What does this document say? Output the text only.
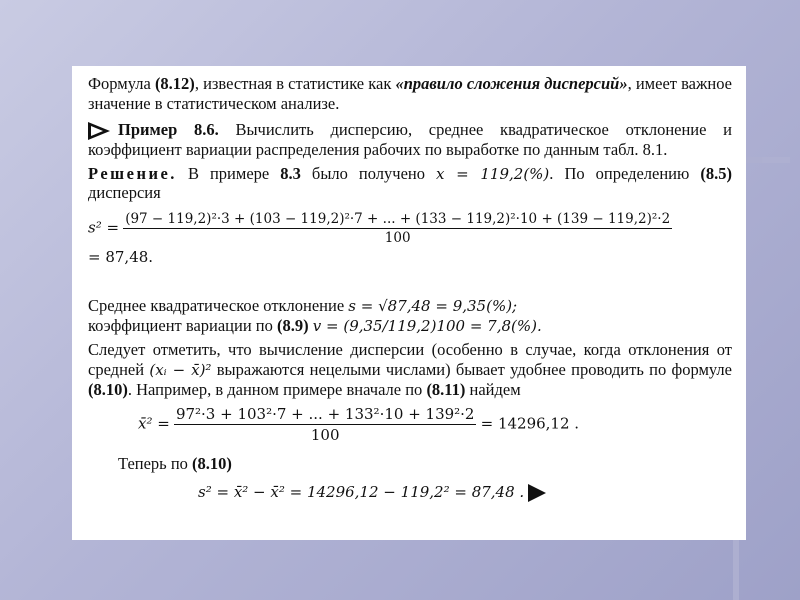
Формула (8.12), известная в статистике как «правило сложения дисперсий», имеет важное значение в статистическом анализе.

Пример 8.6. Вычислить дисперсию, среднее квадратическое отклонение и коэффициент вариации распределения рабочих по выработке по данным табл. 8.1.

Решение. В примере 8.3 было получено x = 119,2(%). По определению (8.5) дисперсия

s² = (97 − 119,2)²·3 + (103 − 119,2)²·7 + ... + (133 − 119,2)²·10 + (139 − 119,2)²·2
100
= 87,48.

Среднее квадратическое отклонение s = √87,48 = 9,35(%);

коэффициент вариации по (8.9) v = (9,35/119,2)100 = 7,8(%).

Следует отметить, что вычисление дисперсии (особенно в случае, когда отклонения от средней (xᵢ − x̄)² выражаются нецелыми числами) бывает удобнее проводить по формуле (8.10). Например, в данном примере вначале по (8.11) найдем

x̄² = $\frac{\text{97²·3 + 103²·7 + ... + 133²·10 + 139²·2}}{100} = 14296,12$ .

Теперь по (8.10)

s² = x̄² − x̄² = 14296,12 − 119,2² = 87,48 .
